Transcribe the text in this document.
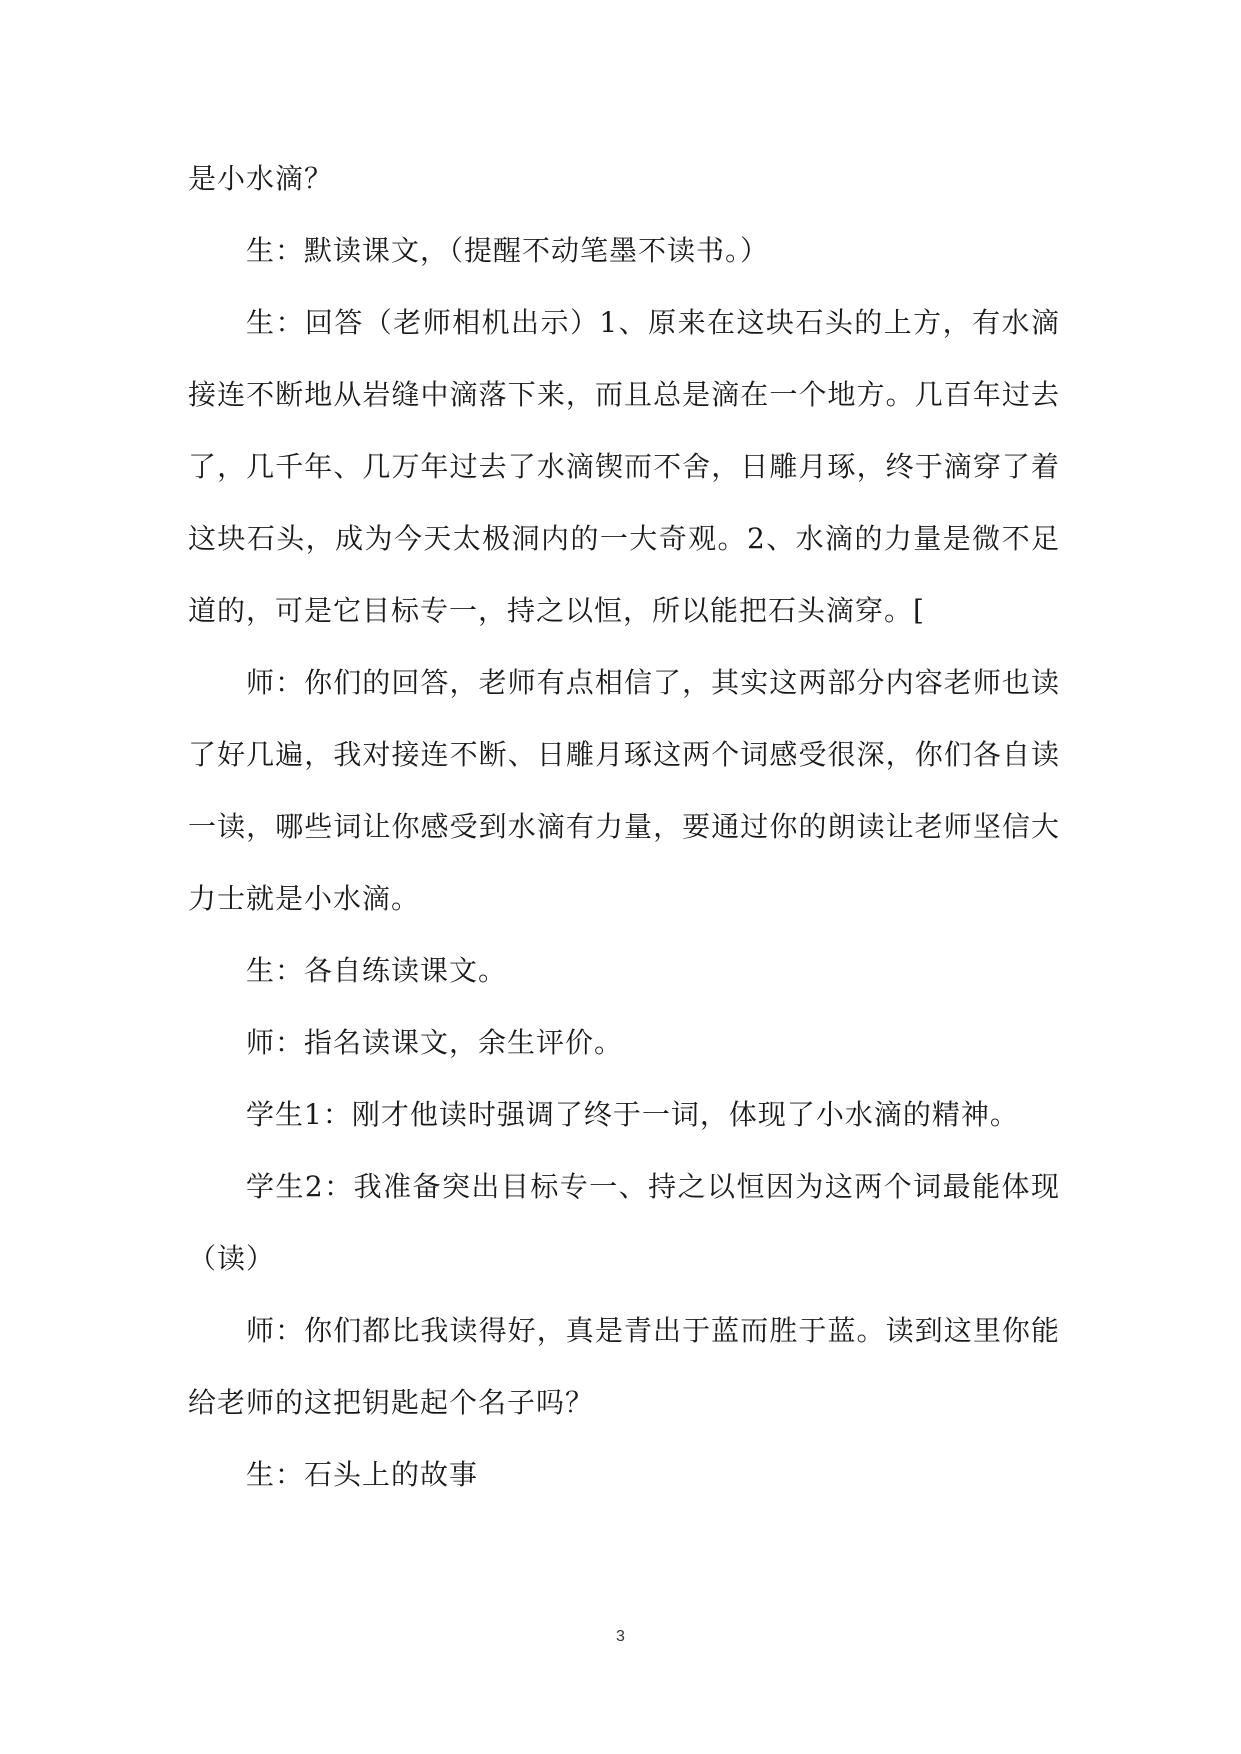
是小水滴？

生：默读课文，（提醒不动笔墨不读书。）

生：回答（老师相机出示）1、原来在这块石头的上方，有水滴接连不断地从岩缝中滴落下来，而且总是滴在一个地方。几百年过去了，几千年、几万年过去了水滴锲而不舍，日雕月琢，终于滴穿了着这块石头，成为今天太极洞内的一大奇观。2、水滴的力量是微不足道的，可是它目标专一，持之以恒，所以能把石头滴穿。[

师：你们的回答，老师有点相信了，其实这两部分内容老师也读了好几遍，我对接连不断、日雕月琢这两个词感受很深，你们各自读一读，哪些词让你感受到水滴有力量，要通过你的朗读让老师坚信大力士就是小水滴。

生：各自练读课文。

师：指名读课文，余生评价。

学生1：刚才他读时强调了终于一词，体现了小水滴的精神。

学生2：我准备突出目标专一、持之以恒因为这两个词最能体现（读）

师：你们都比我读得好，真是青出于蓝而胜于蓝。读到这里你能给老师的这把钥匙起个名子吗？

生：石头上的故事

3
